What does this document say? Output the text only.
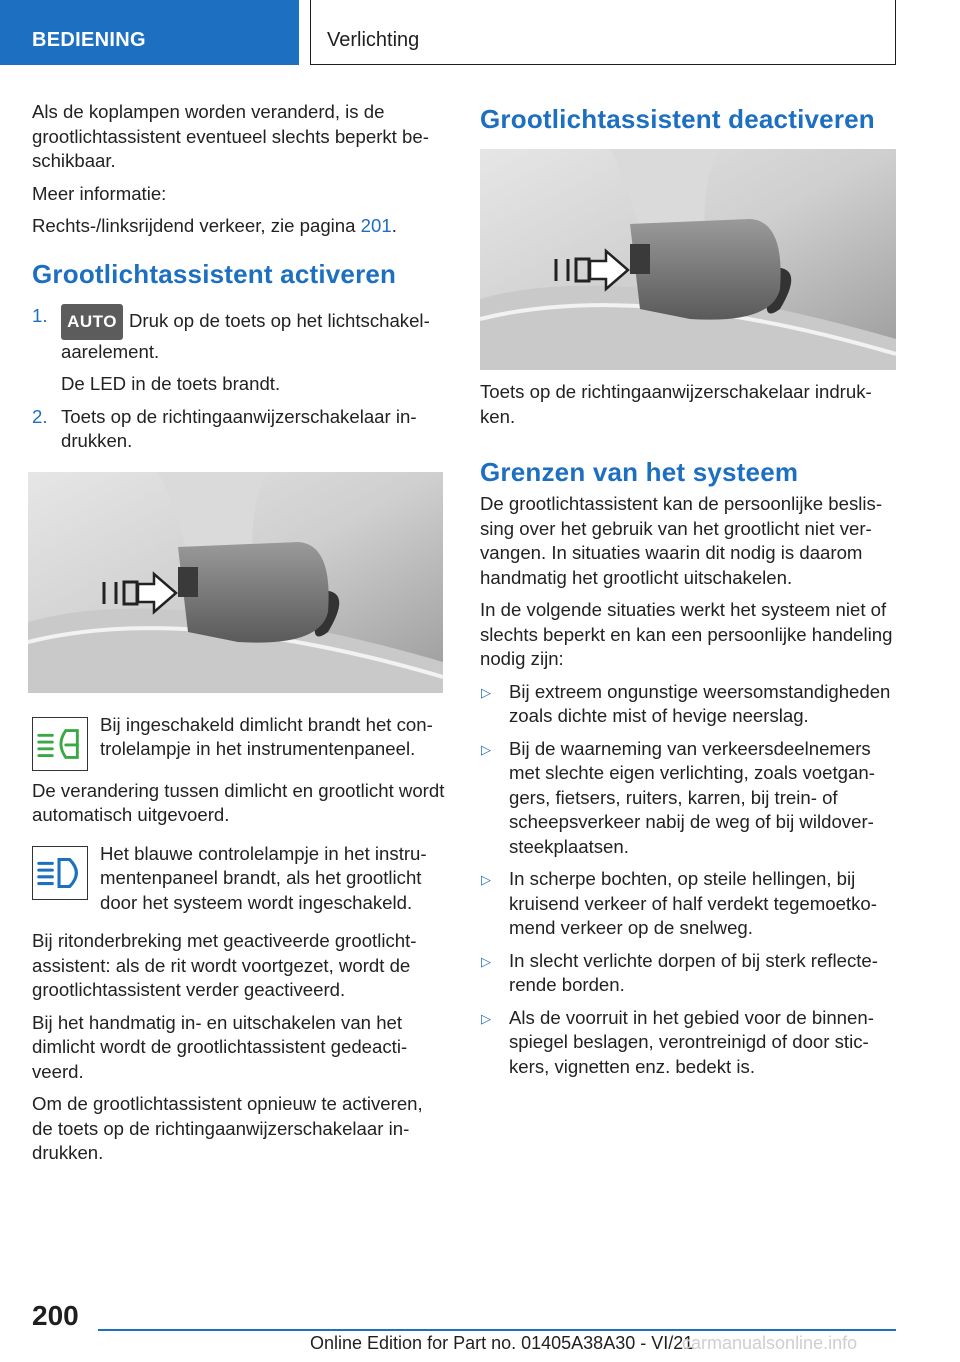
BEDIENING	Verlichting

Als de koplampen worden veranderd, is de grootlichtassistent eventueel slechts beperkt beschikbaar.

Meer informatie:

Rechts-/linksrijdend verkeer, zie pagina 201.

Grootlichtassistent activeren
1. AUTO Druk op de toets op het lichtschakelaarelement.
De LED in de toets brandt.
2. Toets op de richtingaanwijzerschakelaar indrukken.

Bij ingeschakeld dimlicht brandt het controlelampje in het instrumentenpaneel.

De verandering tussen dimlicht en grootlicht wordt automatisch uitgevoerd.

Het blauwe controlelampje in het instrumentenpaneel brandt, als het grootlicht door het systeem wordt ingeschakeld.

Bij ritonderbreking met geactiveerde grootlichtassistent: als de rit wordt voortgezet, wordt de grootlichtassistent verder geactiveerd.

Bij het handmatig in- en uitschakelen van het dimlicht wordt de grootlichtassistent gedeactiveerd.

Om de grootlichtassistent opnieuw te activeren, de toets op de richtingaanwijzerschakelaar indrukken.

Grootlichtassistent deactiveren

Toets op de richtingaanwijzerschakelaar indrukken.

Grenzen van het systeem

De grootlichtassistent kan de persoonlijke beslissing over het gebruik van het grootlicht niet vervangen. In situaties waarin dit nodig is daarom handmatig het grootlicht uitschakelen.

In de volgende situaties werkt het systeem niet of slechts beperkt en kan een persoonlijke handeling nodig zijn:

▷ Bij extreem ongunstige weersomstandigheden zoals dichte mist of hevige neerslag.
▷ Bij de waarneming van verkeersdeelnemers met slechte eigen verlichting, zoals voetgangers, fietsers, ruiters, karren, bij trein- of scheepsverkeer nabij de weg of bij wildoversteekplaatsen.
▷ In scherpe bochten, op steile hellingen, bij kruisend verkeer of half verdekt tegemoetkomend verkeer op de snelweg.
▷ In slecht verlichte dorpen of bij sterk reflecterende borden.
▷ Als de voorruit in het gebied voor de binnenspiegel beslagen, verontreinigd of door stickers, vignetten enz. bedekt is.
200
Online Edition for Part no. 01405A38A30 - VI/21
carmanualsonline.info
